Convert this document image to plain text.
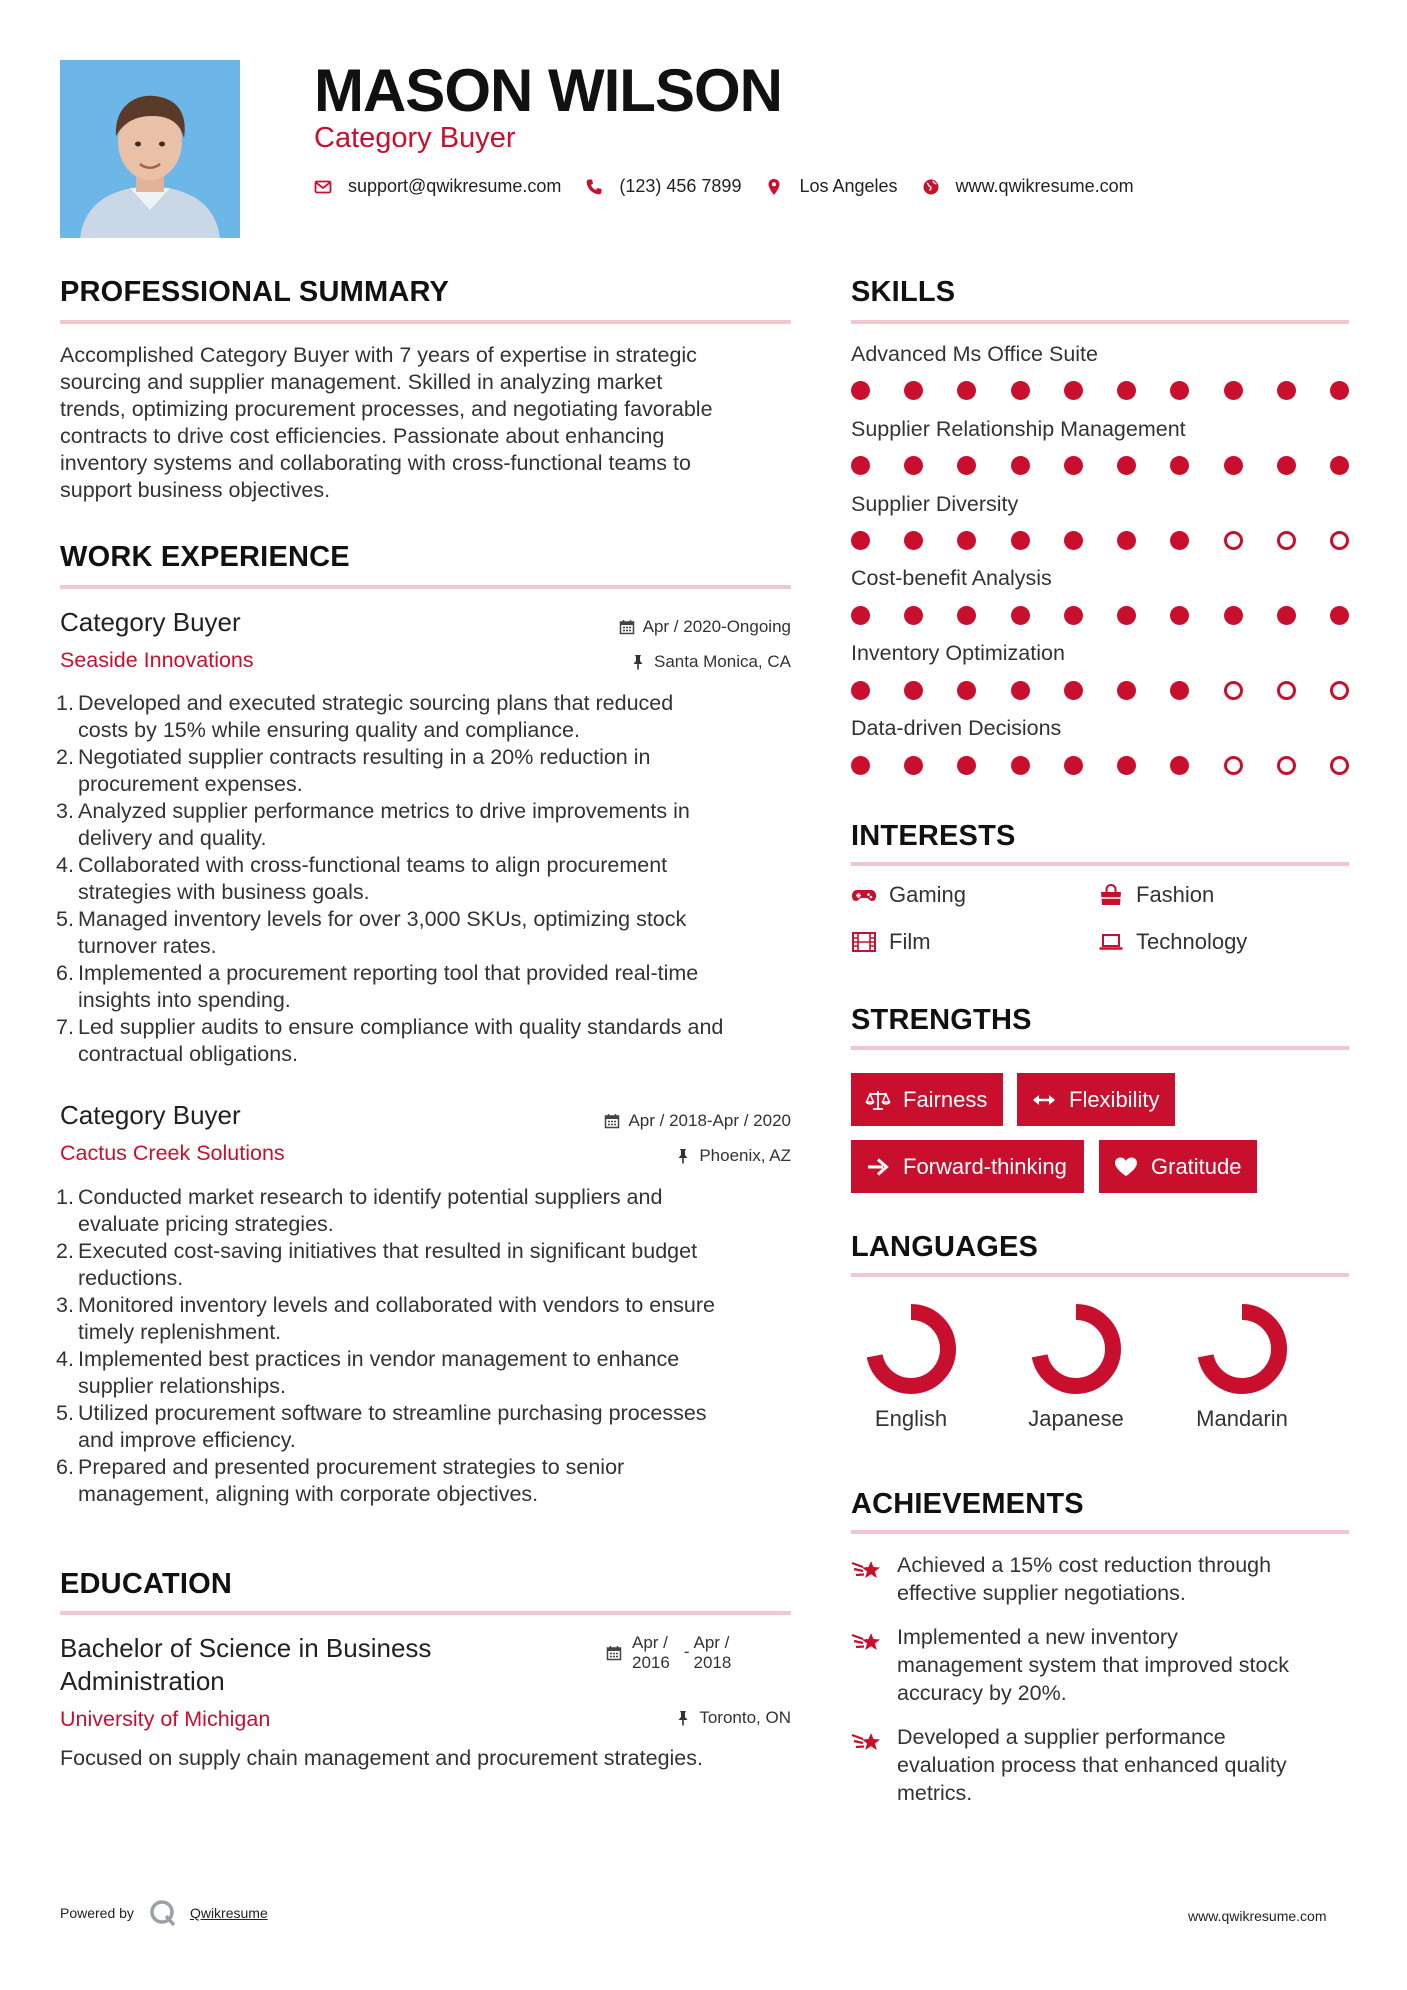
MASON WILSON
Category Buyer
support@qwikresume.com	(123) 456 7899	Los Angeles	www.qwikresume.com
PROFESSIONAL SUMMARY
Accomplished Category Buyer with 7 years of expertise in strategic
sourcing and supplier management. Skilled in analyzing market
trends, optimizing procurement processes, and negotiating favorable
contracts to drive cost efficiencies. Passionate about enhancing
inventory systems and collaborating with cross-functional teams to
support business objectives.
WORK EXPERIENCE
Category Buyer	Apr / 2020-Ongoing
Seaside Innovations	Santa Monica, CA
1. Developed and executed strategic sourcing plans that reduced
costs by 15% while ensuring quality and compliance.
2. Negotiated supplier contracts resulting in a 20% reduction in
procurement expenses.
3. Analyzed supplier performance metrics to drive improvements in
delivery and quality.
4. Collaborated with cross-functional teams to align procurement
strategies with business goals.
5. Managed inventory levels for over 3,000 SKUs, optimizing stock
turnover rates.
6. Implemented a procurement reporting tool that provided real-time
insights into spending.
7. Led supplier audits to ensure compliance with quality standards and
contractual obligations.
Category Buyer	Apr / 2018-Apr / 2020
Cactus Creek Solutions	Phoenix, AZ
1. Conducted market research to identify potential suppliers and
evaluate pricing strategies.
2. Executed cost-saving initiatives that resulted in significant budget
reductions.
3. Monitored inventory levels and collaborated with vendors to ensure
timely replenishment.
4. Implemented best practices in vendor management to enhance
supplier relationships.
5. Utilized procurement software to streamline purchasing processes
and improve efficiency.
6. Prepared and presented procurement strategies to senior
management, aligning with corporate objectives.
EDUCATION
Bachelor of Science in Business
Administration
Apr /
2016
- Apr /
2018
University of Michigan	Toronto, ON
Focused on supply chain management and procurement strategies.
SKILLS
Advanced Ms Office Suite
Supplier Relationship Management
Supplier Diversity
Cost-benefit Analysis
Inventory Optimization
Data-driven Decisions
INTERESTS
Gaming	Fashion
Film	Technology
STRENGTHS
Fairness	Flexibility
Forward-thinking	Gratitude
LANGUAGES
English	Japanese	Mandarin
ACHIEVEMENTS
Achieved a 15% cost reduction through
effective supplier negotiations.
Implemented a new inventory
management system that improved stock
accuracy by 20%.
Developed a supplier performance
evaluation process that enhanced quality
metrics.
Powered by	Qwikresume	www.qwikresume.com
